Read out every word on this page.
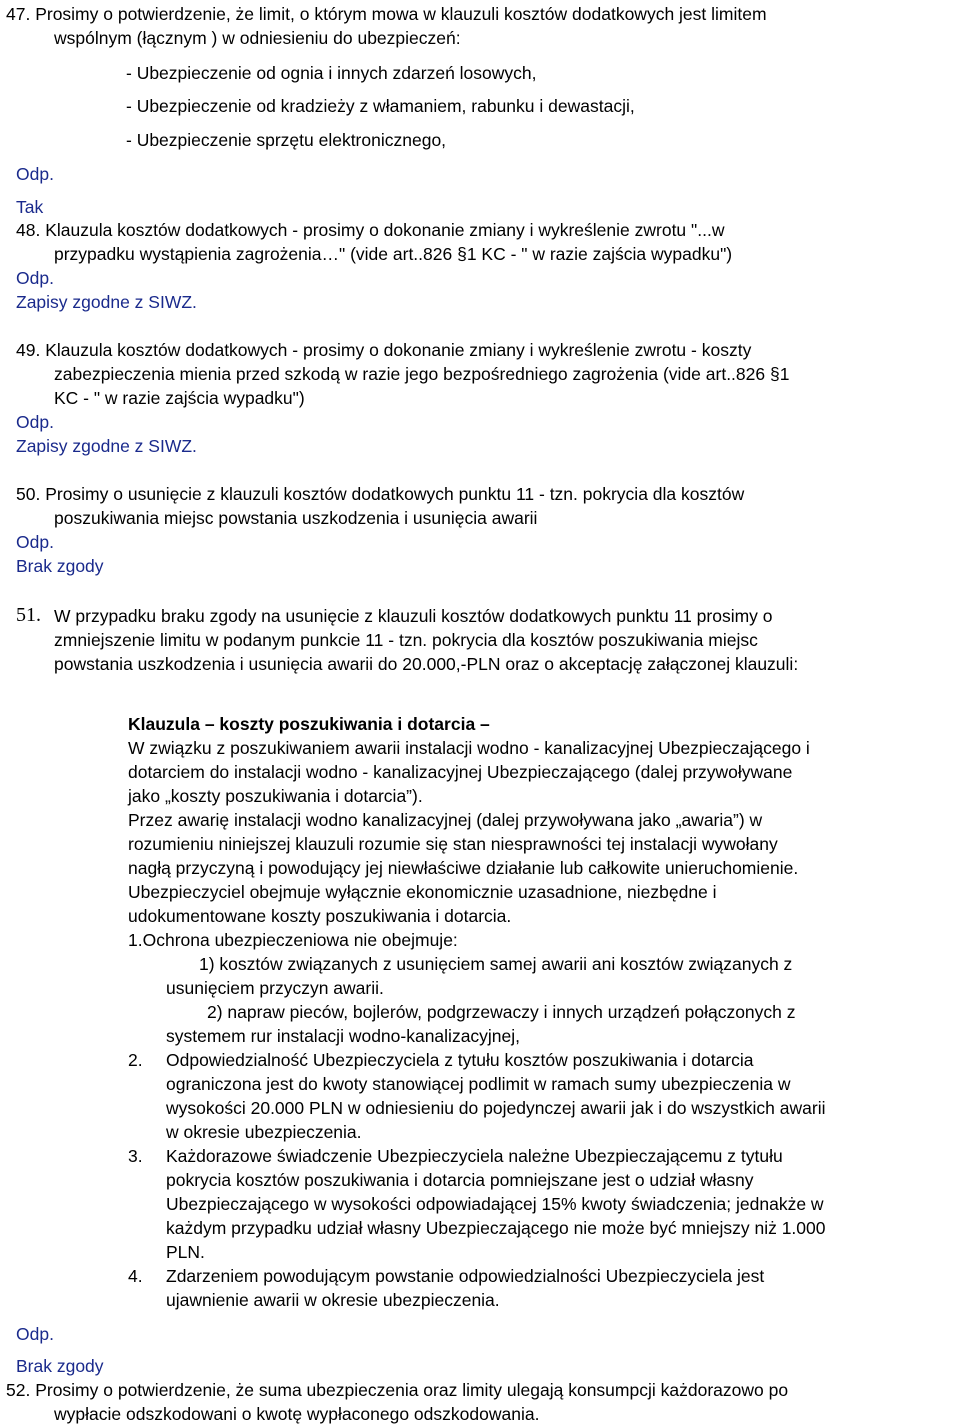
47. Prosimy o potwierdzenie, że limit, o którym mowa w klauzuli kosztów dodatkowych jest limitem
wspólnym (łącznym ) w odniesieniu do ubezpieczeń:
- Ubezpieczenie od ognia i innych zdarzeń losowych,
- Ubezpieczenie od kradzieży z włamaniem, rabunku i dewastacji,
- Ubezpieczenie sprzętu elektronicznego,
Odp.
Tak
48. Klauzula kosztów dodatkowych - prosimy o dokonanie zmiany i wykreślenie zwrotu "...w
przypadku wystąpienia zagrożenia…" (vide art..826 §1 KC - " w razie zajścia wypadku")
Odp.
Zapisy zgodne z SIWZ.
49. Klauzula kosztów dodatkowych - prosimy o dokonanie zmiany i wykreślenie zwrotu - koszty
zabezpieczenia mienia przed szkodą w razie jego bezpośredniego zagrożenia (vide art..826 §1
KC - " w razie zajścia wypadku")
Odp.
Zapisy zgodne z SIWZ.
50. Prosimy o usunięcie z klauzuli kosztów dodatkowych punktu 11 - tzn. pokrycia dla kosztów
poszukiwania miejsc powstania uszkodzenia i usunięcia awarii
Odp.
Brak zgody
51. W przypadku braku zgody na usunięcie z klauzuli kosztów dodatkowych punktu 11 prosimy o
zmniejszenie limitu w podanym punkcie 11 - tzn. pokrycia dla kosztów poszukiwania miejsc
powstania uszkodzenia i usunięcia awarii do 20.000,-PLN oraz o akceptację załączonej klauzuli:
Klauzula – koszty poszukiwania i dotarcia –
W związku z poszukiwaniem awarii instalacji wodno - kanalizacyjnej Ubezpieczającego i
dotarciem do instalacji wodno - kanalizacyjnej Ubezpieczającego (dalej przywoływane
jako „koszty poszukiwania i dotarcia”).
Przez awarię instalacji wodno kanalizacyjnej (dalej przywoływana jako „awaria”) w
rozumieniu niniejszej klauzuli rozumie się stan niesprawności tej instalacji wywołany
nagłą przyczyną i powodujący jej niewłaściwe działanie lub całkowite unieruchomienie.
Ubezpieczyciel obejmuje wyłącznie ekonomicznie uzasadnione, niezbędne i
udokumentowane koszty poszukiwania i dotarcia.
1.Ochrona ubezpieczeniowa nie obejmuje:
1) kosztów związanych z usunięciem samej awarii ani kosztów związanych z
usunięciem przyczyn awarii.
2) napraw pieców, bojlerów, podgrzewaczy i innych urządzeń połączonych z
systemem rur instalacji wodno-kanalizacyjnej,
2. Odpowiedzialność Ubezpieczyciela z tytułu kosztów poszukiwania i dotarcia
ograniczona jest do kwoty stanowiącej podlimit w ramach sumy ubezpieczenia w
wysokości 20.000 PLN w odniesieniu do pojedynczej awarii jak i do wszystkich awarii
w okresie ubezpieczenia.
3. Każdorazowe świadczenie Ubezpieczyciela należne Ubezpieczającemu z tytułu
pokrycia kosztów poszukiwania i dotarcia pomniejszane jest o udział własny
Ubezpieczającego w wysokości odpowiadającej 15% kwoty świadczenia; jednakże w
każdym przypadku udział własny Ubezpieczającego nie może być mniejszy niż 1.000
PLN.
4. Zdarzeniem powodującym powstanie odpowiedzialności Ubezpieczyciela jest
ujawnienie awarii w okresie ubezpieczenia.
Odp.
Brak zgody
52. Prosimy o potwierdzenie, że suma ubezpieczenia oraz limity ulegają konsumpcji każdorazowo po
wypłacie odszkodowani o kwotę wypłaconego odszkodowania.
